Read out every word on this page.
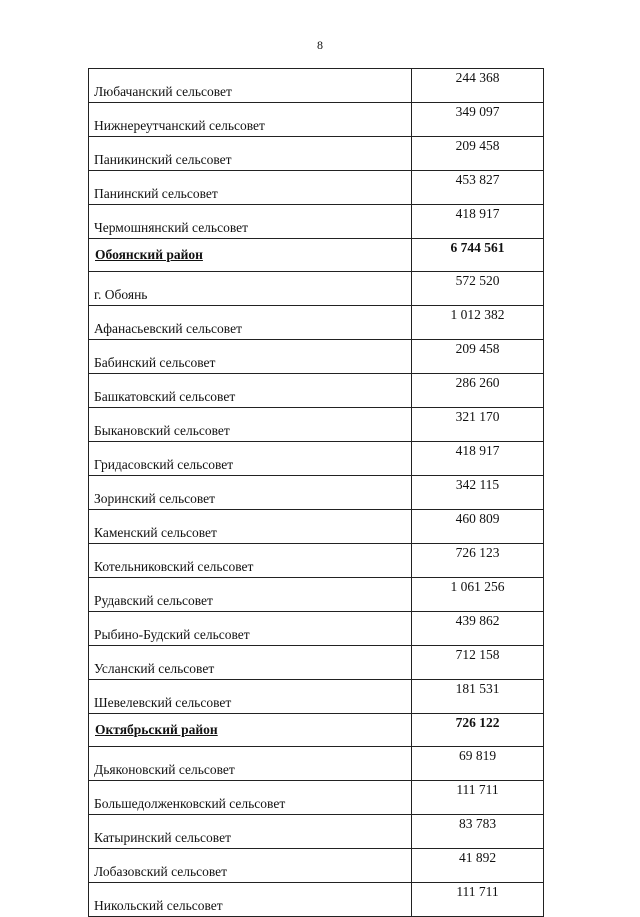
8
Любачанский сельсовет	244 368
Нижнереутчанский сельсовет	349 097
Паникинский сельсовет	209 458
Панинский сельсовет	453 827
Чермошнянский сельсовет	418 917
Обоянский район	6 744 561
г. Обоянь	572 520
Афанасьевский сельсовет	1 012 382
Бабинский сельсовет	209 458
Башкатовский сельсовет	286 260
Быкановский сельсовет	321 170
Гридасовский сельсовет	418 917
Зоринский сельсовет	342 115
Каменский сельсовет	460 809
Котельниковский сельсовет	726 123
Рудавский сельсовет	1 061 256
Рыбино-Будский сельсовет	439 862
Усланский сельсовет	712 158
Шевелевский сельсовет	181 531
Октябрьский район	726 122
Дьяконовский сельсовет	69 819
Большедолженковский сельсовет	111 711
Катыринский сельсовет	83 783
Лобазовский сельсовет	41 892
Никольский сельсовет	111 711
